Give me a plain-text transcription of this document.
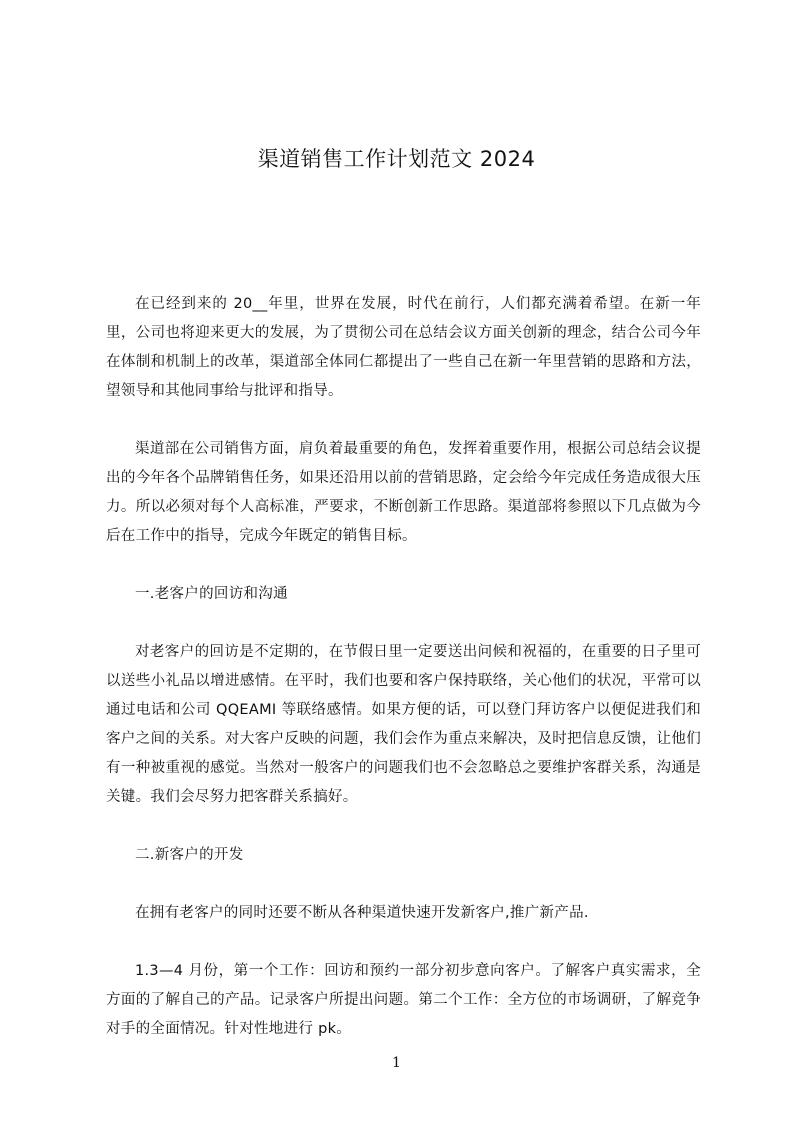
渠道销售工作计划范文 2024

在已经到来的 20__年里，世界在发展，时代在前行，人们都充满着希望。在新一年里，公司也将迎来更大的发展，为了贯彻公司在总结会议方面关创新的理念，结合公司今年在体制和机制上的改革，渠道部全体同仁都提出了一些自己在新一年里营销的思路和方法，望领导和其他同事给与批评和指导。

渠道部在公司销售方面，肩负着最重要的角色，发挥着重要作用，根据公司总结会议提出的今年各个品牌销售任务，如果还沿用以前的营销思路，定会给今年完成任务造成很大压力。所以必须对每个人高标准，严要求，不断创新工作思路。渠道部将参照以下几点做为今后在工作中的指导，完成今年既定的销售目标。

一.老客户的回访和沟通

对老客户的回访是不定期的，在节假日里一定要送出问候和祝福的，在重要的日子里可以送些小礼品以增进感情。在平时，我们也要和客户保持联络，关心他们的状况，平常可以通过电话和公司 QQEAMI 等联络感情。如果方便的话，可以登门拜访客户以便促进我们和客户之间的关系。对大客户反映的问题，我们会作为重点来解决，及时把信息反馈，让他们有一种被重视的感觉。当然对一般客户的问题我们也不会忽略总之要维护客群关系，沟通是关键。我们会尽努力把客群关系搞好。

二.新客户的开发

在拥有老客户的同时还要不断从各种渠道快速开发新客户,推广新产品.

1.3—4 月份，第一个工作：回访和预约一部分初步意向客户。了解客户真实需求，全方面的了解自己的产品。记录客户所提出问题。第二个工作：全方位的市场调研，了解竞争对手的全面情况。针对性地进行 pk。

1
